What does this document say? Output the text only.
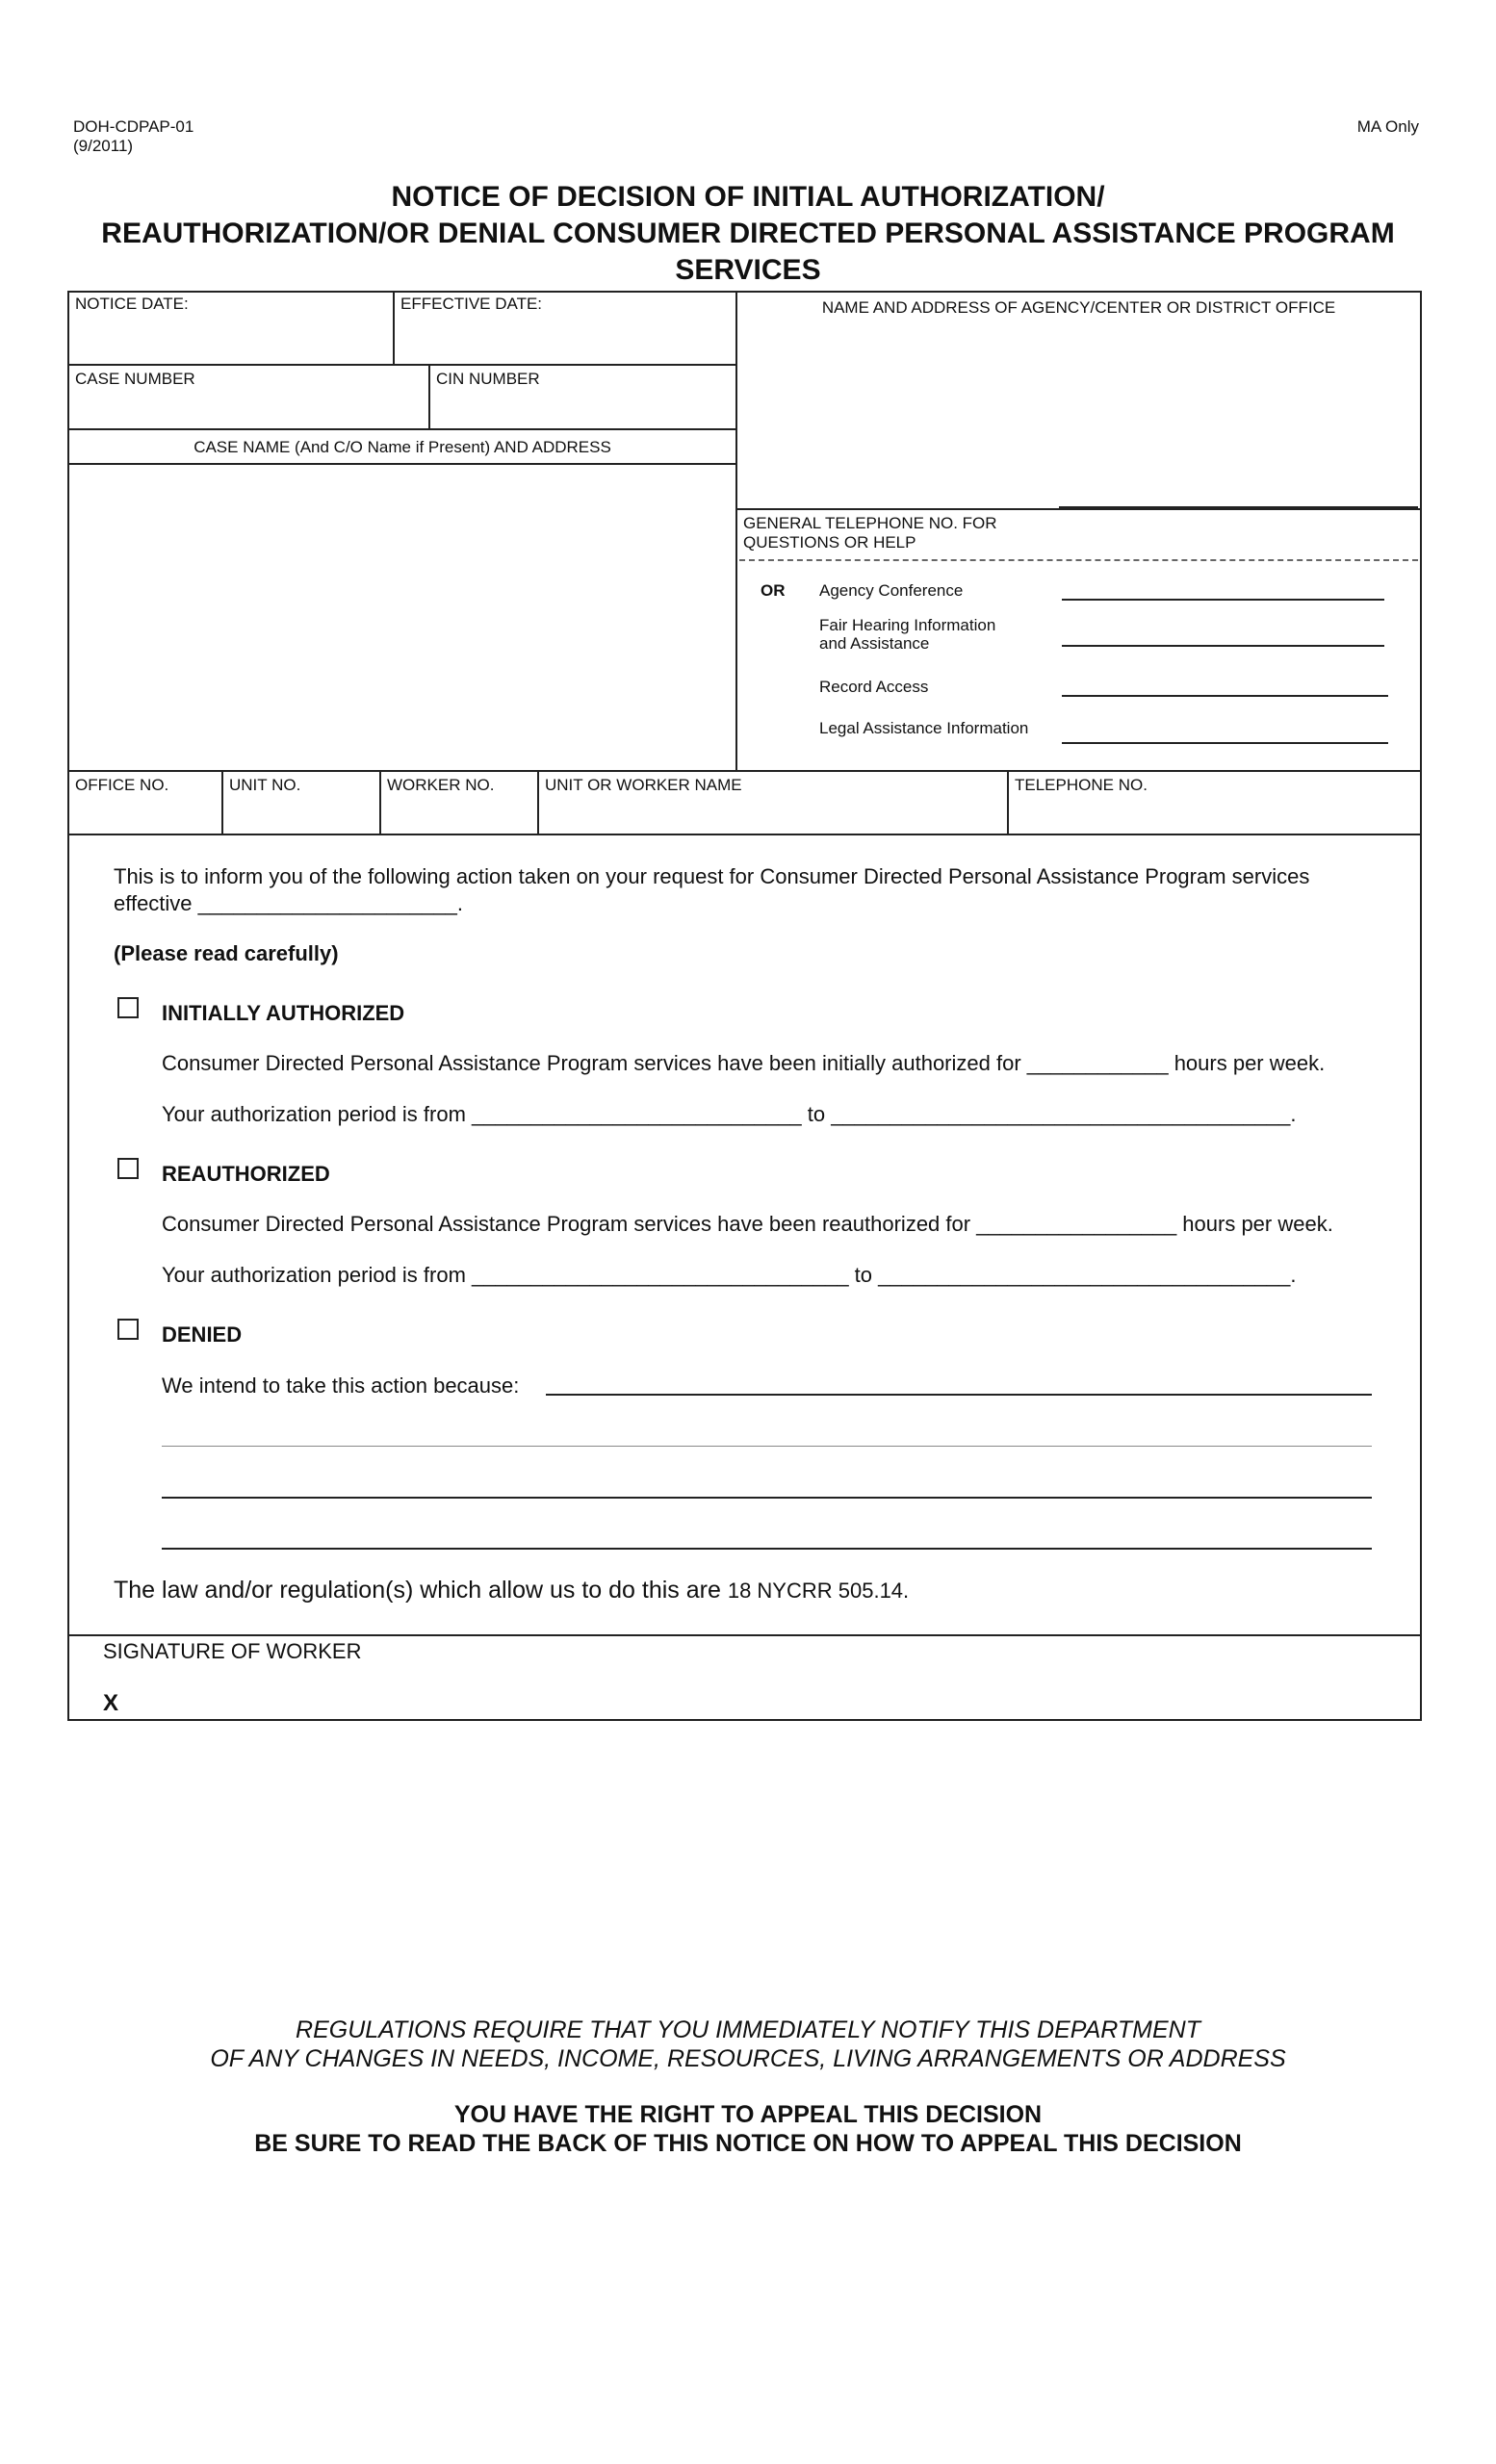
DOH-CDPAP-01
(9/2011)
MA Only
NOTICE OF DECISION OF INITIAL AUTHORIZATION/
REAUTHORIZATION/OR DENIAL CONSUMER DIRECTED PERSONAL ASSISTANCE PROGRAM
SERVICES
NOTICE DATE:	EFFECTIVE DATE:	NAME AND ADDRESS OF AGENCY/CENTER OR DISTRICT OFFICE
CASE NUMBER	CIN NUMBER
CASE NAME (And C/O Name if Present) AND ADDRESS
GENERAL TELEPHONE NO. FOR
QUESTIONS OR HELP
OR Agency Conference
Fair Hearing Information
and Assistance
Record Access
Legal Assistance Information
OFFICE NO.	UNIT NO.	WORKER NO.	UNIT OR WORKER NAME	TELEPHONE NO.
This is to inform you of the following action taken on your request for Consumer Directed Personal Assistance Program services
effective ______________________.
(Please read carefully)
INITIALLY AUTHORIZED
Consumer Directed Personal Assistance Program services have been initially authorized for ____________ hours per week.
Your authorization period is from ____________________________ to _______________________________________.
REAUTHORIZED
Consumer Directed Personal Assistance Program services have been reauthorized for _________________ hours per week.
Your authorization period is from ________________________________ to ___________________________________.
DENIED
We intend to take this action because:
The law and/or regulation(s) which allow us to do this are 18 NYCRR 505.14.
SIGNATURE OF WORKER
X
REGULATIONS REQUIRE THAT YOU IMMEDIATELY NOTIFY THIS DEPARTMENT
OF ANY CHANGES IN NEEDS, INCOME, RESOURCES, LIVING ARRANGEMENTS OR ADDRESS
YOU HAVE THE RIGHT TO APPEAL THIS DECISION
BE SURE TO READ THE BACK OF THIS NOTICE ON HOW TO APPEAL THIS DECISION
